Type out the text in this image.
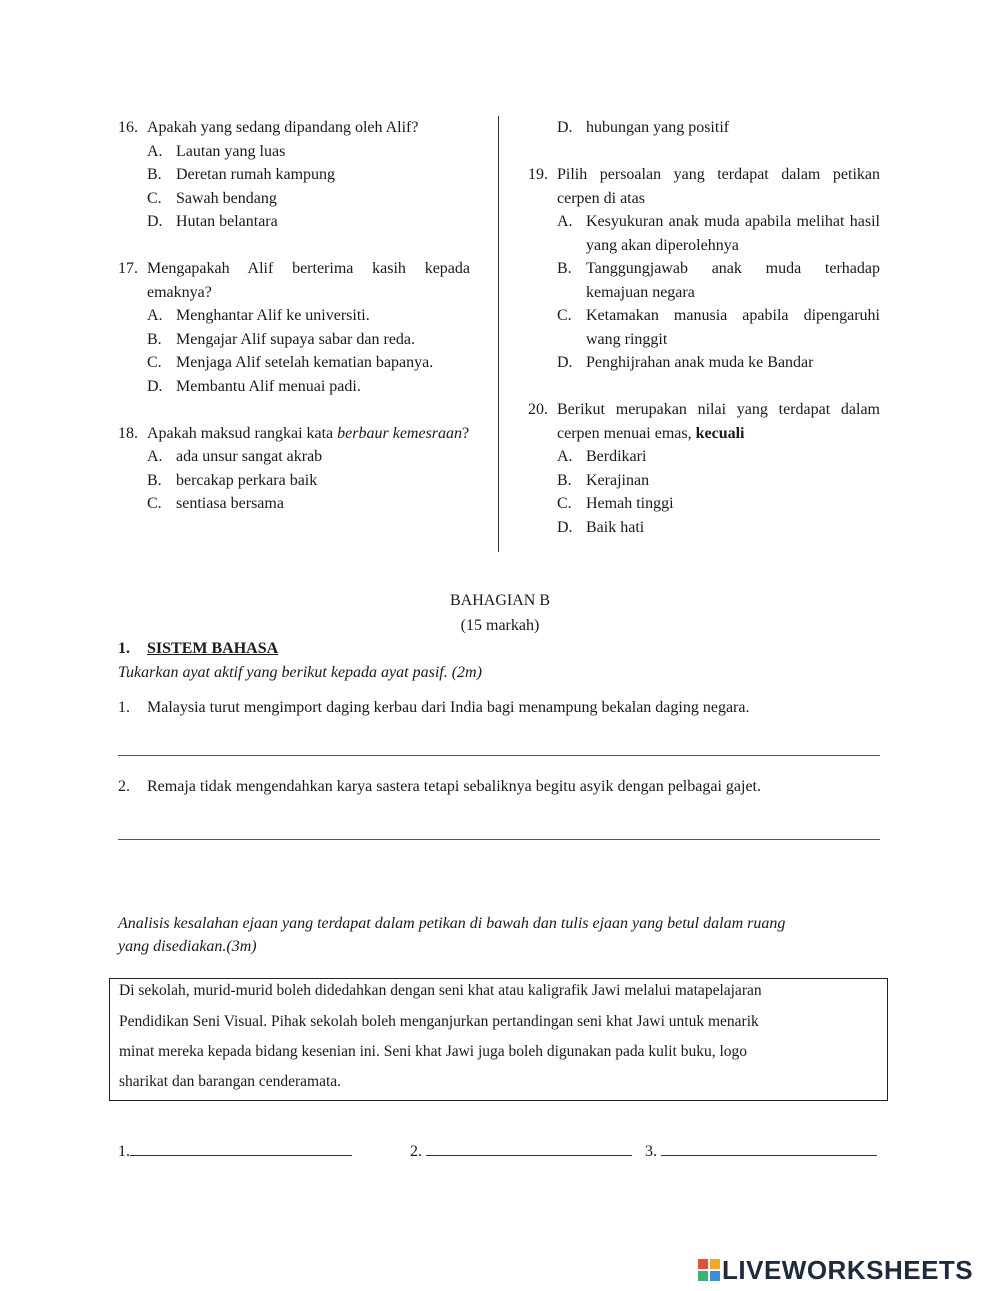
16. Apakah yang sedang dipandang oleh Alif?
A. Lautan yang luas
B. Deretan rumah kampung
C. Sawah bendang
D. Hutan belantara
17. Mengapakah Alif berterima kasih kepada emaknya?
A. Menghantar Alif ke universiti.
B. Mengajar Alif supaya sabar dan reda.
C. Menjaga Alif setelah kematian bapanya.
D. Membantu Alif menuai padi.
18. Apakah maksud rangkai kata berbaur kemesraan?
A. ada unsur sangat akrab
B. bercakap perkara baik
C. sentiasa bersama
D. hubungan yang positif
19. Pilih persoalan yang terdapat dalam petikan cerpen di atas
A. Kesyukuran anak muda apabila melihat hasil yang akan diperolehnya
B. Tanggungjawab anak muda terhadap kemajuan negara
C. Ketamakan manusia apabila dipengaruhi wang ringgit
D. Penghijrahan anak muda ke Bandar
20. Berikut merupakan nilai yang terdapat dalam cerpen menuai emas, kecuali
A. Berdikari
B. Kerajinan
C. Hemah tinggi
D. Baik hati
BAHAGIAN B
(15 markah)
1. SISTEM BAHASA
Tukarkan ayat aktif yang berikut kepada ayat pasif. (2m)
1. Malaysia turut mengimport daging kerbau dari India bagi menampung bekalan daging negara.
2. Remaja tidak mengendahkan karya sastera tetapi sebaliknya begitu asyik dengan pelbagai gajet.
Analisis kesalahan ejaan yang terdapat dalam petikan di bawah dan tulis ejaan yang betul dalam ruang
yang disediakan.(3m)
Di sekolah, murid-murid boleh didedahkan dengan seni khat atau kaligrafik Jawi melalui matapelajaran
Pendidikan Seni Visual. Pihak sekolah boleh menganjurkan pertandingan seni khat Jawi untuk menarik
minat mereka kepada bidang kesenian ini. Seni khat Jawi juga boleh digunakan pada kulit buku, logo
sharikat dan barangan cenderamata.
1.	2.	3.
LIVEWORKSHEETS
